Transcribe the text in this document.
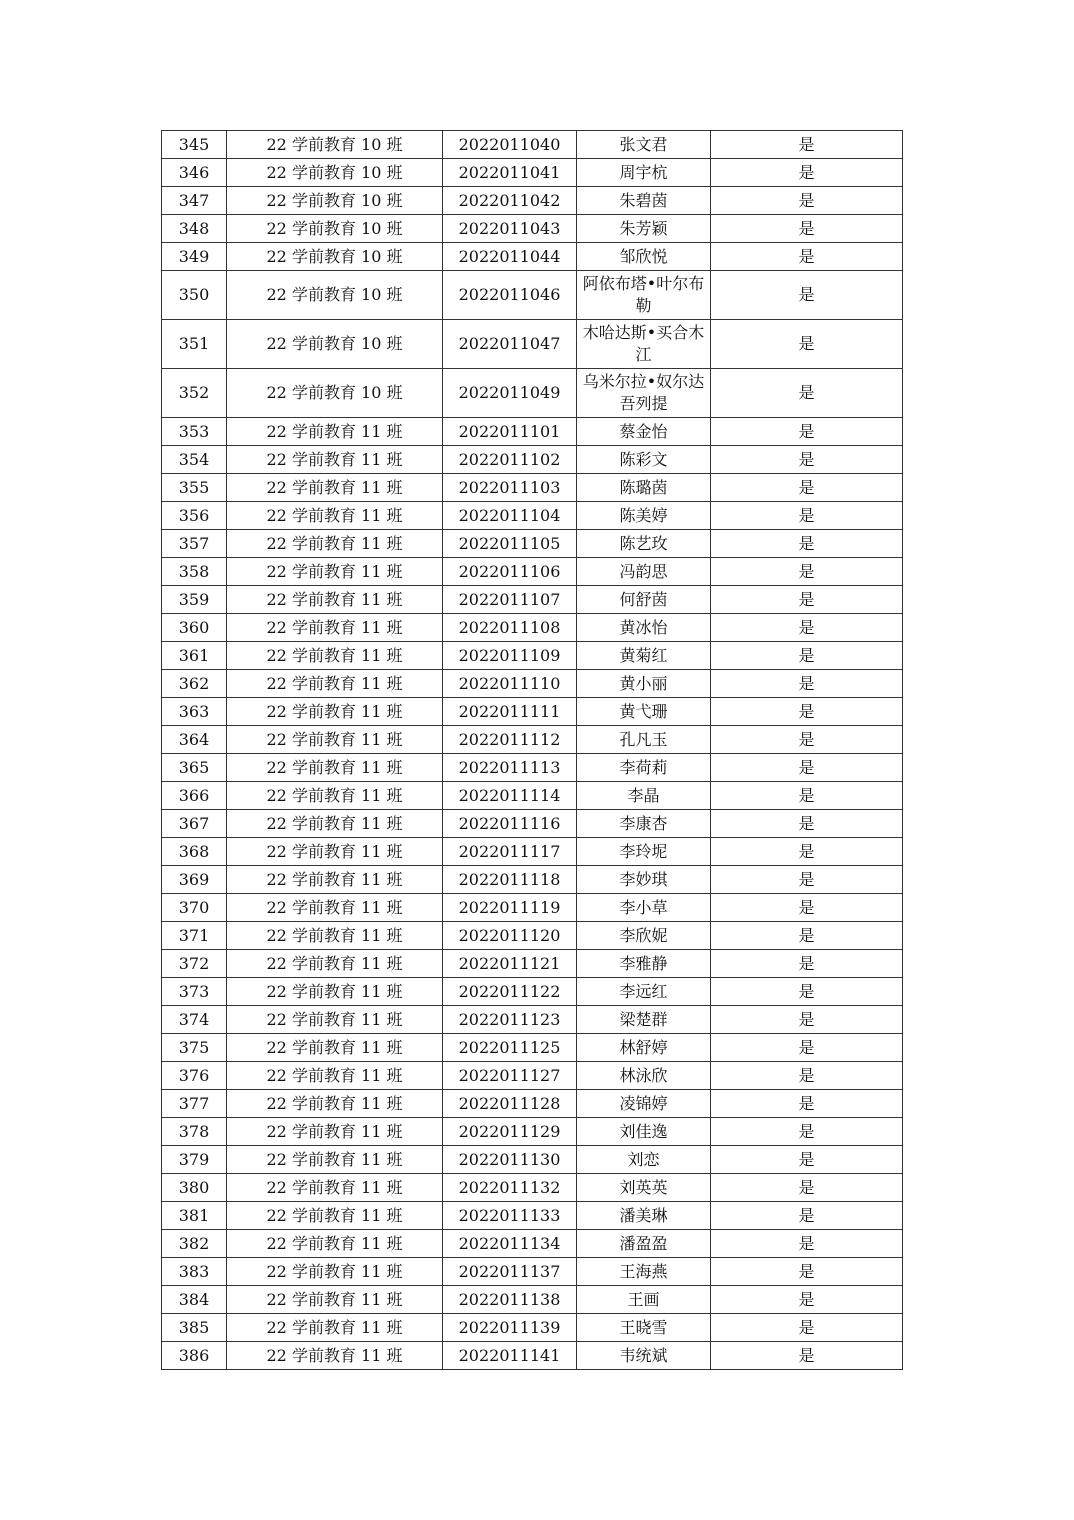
345	22 学前教育 10 班	2022011040	张文君	是
346	22 学前教育 10 班	2022011041	周宇杭	是
347	22 学前教育 10 班	2022011042	朱碧茵	是
348	22 学前教育 10 班	2022011043	朱芳颖	是
349	22 学前教育 10 班	2022011044	邹欣悦	是
350	22 学前教育 10 班	2022011046	阿依布塔•叶尔布勒	是
351	22 学前教育 10 班	2022011047	木哈达斯•买合木江	是
352	22 学前教育 10 班	2022011049	乌米尔拉•奴尔达吾列提	是
353	22 学前教育 11 班	2022011101	蔡金怡	是
354	22 学前教育 11 班	2022011102	陈彩文	是
355	22 学前教育 11 班	2022011103	陈璐茵	是
356	22 学前教育 11 班	2022011104	陈美婷	是
357	22 学前教育 11 班	2022011105	陈艺玫	是
358	22 学前教育 11 班	2022011106	冯韵思	是
359	22 学前教育 11 班	2022011107	何舒茵	是
360	22 学前教育 11 班	2022011108	黄冰怡	是
361	22 学前教育 11 班	2022011109	黄菊红	是
362	22 学前教育 11 班	2022011110	黄小丽	是
363	22 学前教育 11 班	2022011111	黄弋珊	是
364	22 学前教育 11 班	2022011112	孔凡玉	是
365	22 学前教育 11 班	2022011113	李荷莉	是
366	22 学前教育 11 班	2022011114	李晶	是
367	22 学前教育 11 班	2022011116	李康杏	是
368	22 学前教育 11 班	2022011117	李玲坭	是
369	22 学前教育 11 班	2022011118	李妙琪	是
370	22 学前教育 11 班	2022011119	李小草	是
371	22 学前教育 11 班	2022011120	李欣妮	是
372	22 学前教育 11 班	2022011121	李雅静	是
373	22 学前教育 11 班	2022011122	李远红	是
374	22 学前教育 11 班	2022011123	梁楚群	是
375	22 学前教育 11 班	2022011125	林舒婷	是
376	22 学前教育 11 班	2022011127	林泳欣	是
377	22 学前教育 11 班	2022011128	凌锦婷	是
378	22 学前教育 11 班	2022011129	刘佳逸	是
379	22 学前教育 11 班	2022011130	刘恋	是
380	22 学前教育 11 班	2022011132	刘英英	是
381	22 学前教育 11 班	2022011133	潘美琳	是
382	22 学前教育 11 班	2022011134	潘盈盈	是
383	22 学前教育 11 班	2022011137	王海燕	是
384	22 学前教育 11 班	2022011138	王画	是
385	22 学前教育 11 班	2022011139	王晓雪	是
386	22 学前教育 11 班	2022011141	韦统斌	是
